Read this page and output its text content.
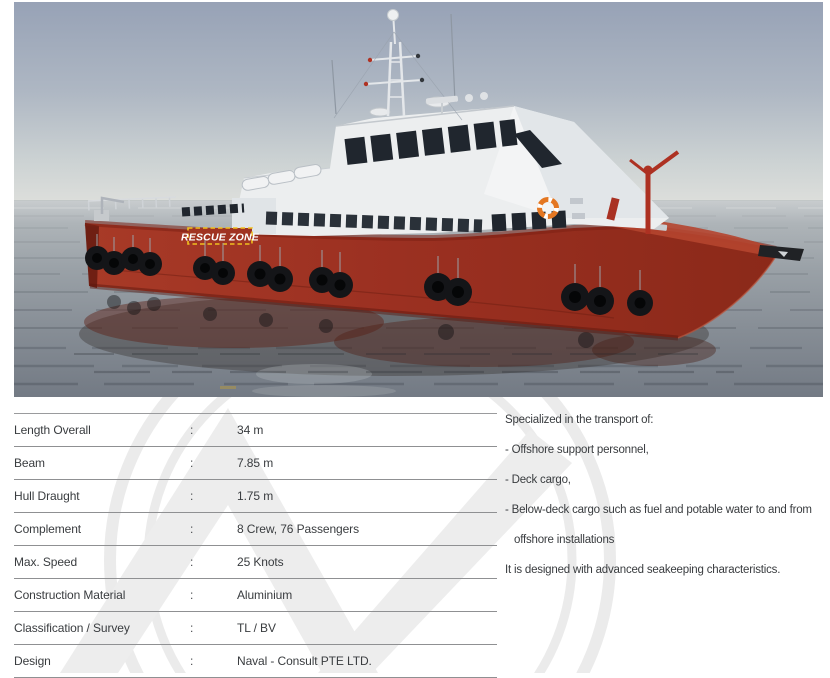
RESCUE ZONE
Length Overall	:	34 m
Beam	:	7.85 m
Hull Draught	:	1.75 m
Complement	:	8 Crew, 76 Passengers
Max. Speed	:	25 Knots
Construction Material	:	Aluminium
Classification / Survey	:	TL / BV
Design	:	Naval - Consult PTE LTD.

Specialized in the transport of:

- Offshore support personnel,

- Deck cargo,

- Below-deck cargo such as fuel and potable water to and from offshore installations

It is designed with advanced seakeeping characteristics.
